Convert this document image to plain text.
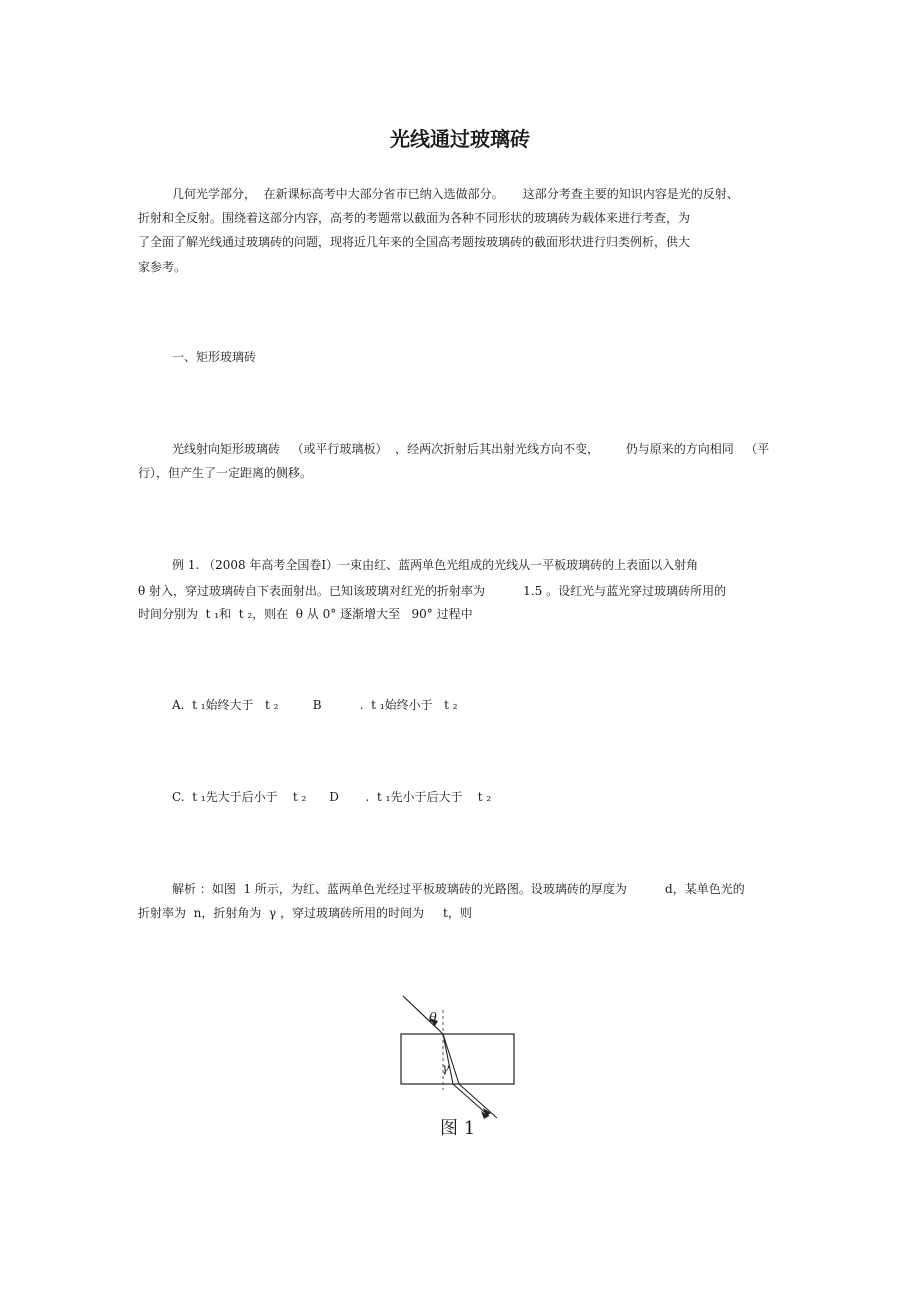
光线通过玻璃砖
几何光学部分，  在新课标高考中大部分省市已纳入选做部分。     这部分考查主要的知识内容是光的反射、
折射和全反射。围绕着这部分内容，高考的考题常以截面为各种不同形状的玻璃砖为载体来进行考查，为
了全面了解光线通过玻璃砖的问题，现将近几年来的全国高考题按玻璃砖的截面形状进行归类例析，供大
家参考。
一、矩形玻璃砖
光线射向矩形玻璃砖   （或平行玻璃板）  ，经两次折射后其出射光线方向不变，       仍与原来的方向相同   （平
行），但产生了一定距离的侧移。
例 1. （2008 年高考全国卷Ⅰ）一束由红、蓝两单色光组成的光线从一平板玻璃砖的上表面以入射角
θ 射入，穿过玻璃砖自下表面射出。已知该玻璃对红光的折射率为          1.5 。设红光与蓝光穿过玻璃砖所用的
时间分别为  t ₁和  t ₂，则在  θ 从 0° 逐渐增大至   90° 过程中
A.  t ₁始终大于   t ₂         B          .  t ₁始终小于   t ₂
C.  t ₁先大于后小于    t ₂      D       .  t ₁先小于后大于    t ₂
解析 ：如图  1 所示，为红、蓝两单色光经过平板玻璃砖的光路图。设玻璃砖的厚度为          d，某单色光的
折射率为  n，折射角为  γ ，穿过玻璃砖所用的时间为     t，则
θ
γ
图 1
